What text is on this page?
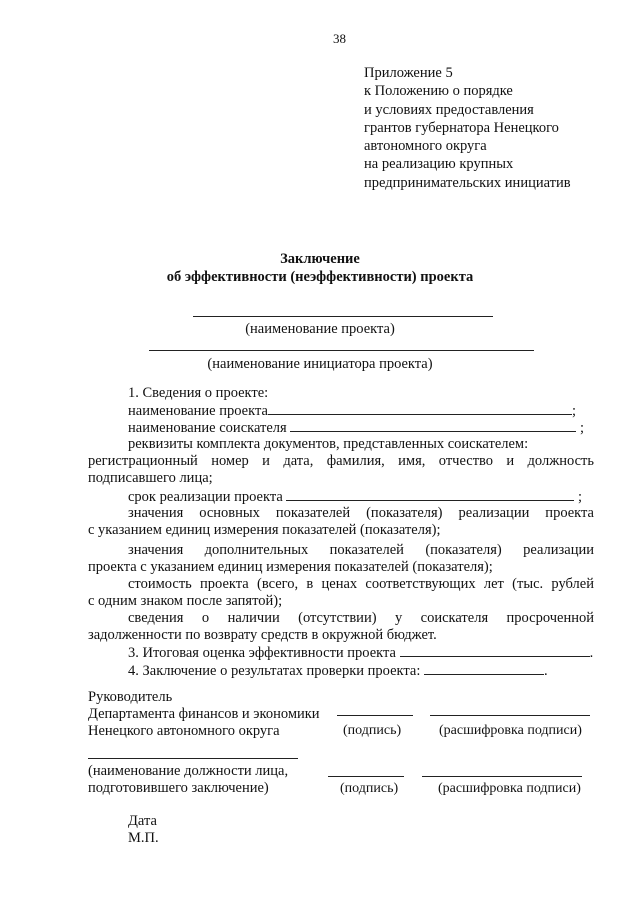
38
Приложение 5
к Положению о порядке
и условиях предоставления
грантов губернатора Ненецкого
автономного округа
на реализацию крупных
предпринимательских инициатив
Заключение
об эффективности (неэффективности) проекта
(наименование проекта)
(наименование инициатора проекта)
1. Сведения о проекте:
наименование проекта	;
наименование соискателя	;
реквизиты комплекта документов, представленных соискателем:
регистрационный номер и дата, фамилия, имя, отчество и должность
подписавшего лица;
срок реализации проекта	;
значения основных показателей (показателя) реализации проекта
с указанием единиц измерения показателей (показателя);
значения дополнительных показателей (показателя) реализации
проекта с указанием единиц измерения показателей (показателя);
стоимость проекта (всего, в ценах соответствующих лет (тыс. рублей
с одним знаком после запятой);
сведения о наличии (отсутствии) у соискателя просроченной
задолженности по возврату средств в окружной бюджет.
3. Итоговая оценка эффективности проекта	.
4. Заключение о результатах проверки проекта:	.
Руководитель
Департамента финансов и экономики
Ненецкого автономного округа	(подпись)	(расшифровка подписи)
(наименование должности лица,
подготовившего заключение)	(подпись)	(расшифровка подписи)
Дата
М.П.
